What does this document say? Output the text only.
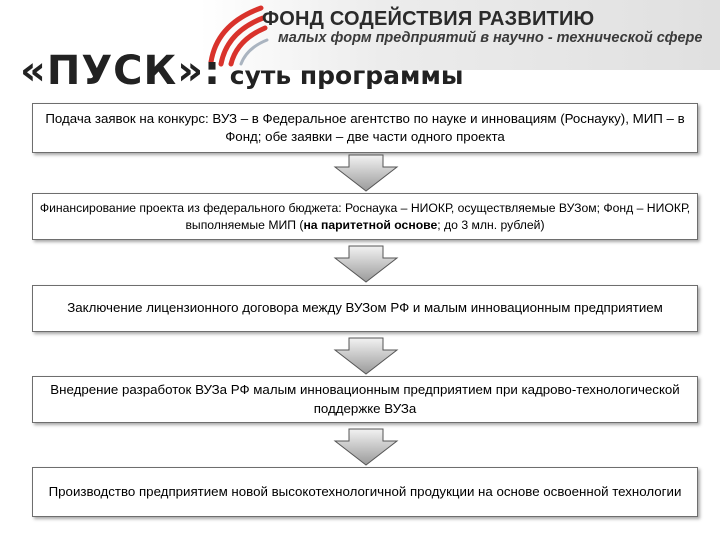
ФОНД СОДЕЙСТВИЯ РАЗВИТИЮ
малых форм предприятий в научно - технической сфере
«ПУСК»: суть программы
Подача заявок на конкурс: ВУЗ – в Федеральное агентство по науке и инновациям (Роснауку), МИП – в Фонд; обе заявки – две части одного проекта
Финансирование проекта из федерального бюджета: Роснаука – НИОКР, осуществляемые ВУЗом; Фонд – НИОКР, выполняемые МИП (на паритетной основе; до 3 млн. рублей)
Заключение лицензионного договора между ВУЗом РФ и малым инновационным предприятием
Внедрение разработок ВУЗа РФ малым инновационным предприятием при кадрово-технологической поддержке ВУЗа
Производство предприятием новой высокотехнологичной продукции на основе освоенной технологии
